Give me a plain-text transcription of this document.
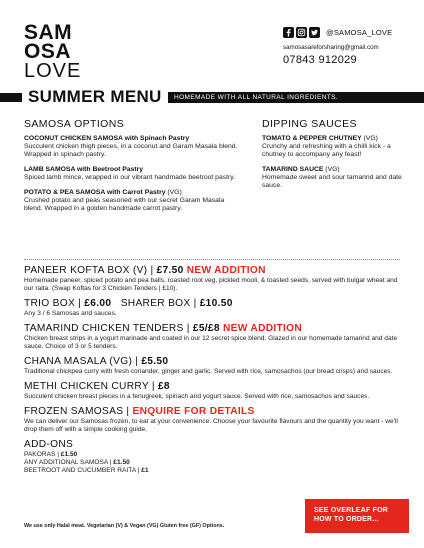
SAM
OSA
LOVE
@SAMOSA_LOVE
samosasareforsharing@gmail.com
07843 912029
SUMMER MENU HOMEMADE WITH ALL NATURAL INGREDIENTS.
SAMOSA OPTIONS
COCONUT CHICKEN SAMOSA with Spinach Pastry
Succulent chicken thigh pieces, in a coconut and Garam Masala blend. Wrapped in spinach pastry.
LAMB SAMOSA with Beetroot Pastry
Spiced lamb mince, wrapped in our vibrant handmade beetroot pastry.
POTATO & PEA SAMOSA with Carrot Pastry (VG)
Crushed potato and peas seasoned with our secret Garam Masala blend. Wrapped in a golden handmade carrot pastry.
DIPPING SAUCES
TOMATO & PEPPER CHUTNEY (VG)
Crunchy and refreshing with a chilli kick - a chutney to accompany any feast!
TAMARIND SAUCE (VG)
Homemade sweet and sour tamarind and date sauce.
PANEER KOFTA BOX (V) | £7.50 NEW ADDITION
Homemade paneer, spiced potato and pea balls, roasted root veg, pickled mooli, & toasted seeds, served with bulgar wheat and our raita. (Swap Koftas for 3 Chicken Tenders | £10).
TRIO BOX | £6.00   SHARER BOX | £10.50
Any 3 / 6 Samosas and sauces.
TAMARIND CHICKEN TENDERS | £5/£8 NEW ADDITION
Chicken breast strips in a yogurt marinade and coated in our 12 secret spice blend. Glazed in our homemade tamarind and date sauce. Choice of 3 or 5 tenders.
CHANA MASALA (VG) | £5.50
Traditional chickpea curry with fresh coriander, ginger and garlic. Served with rice, samosachos (our bread crisps) and sauces.
METHI CHICKEN CURRY | £8
Succulent chicken breast pieces in a fenugreek, spinach and yogurt sauce. Served with rice, samosachos and sauces.
FROZEN SAMOSAS | ENQUIRE FOR DETAILS
We can deliver our Samosas frozen, to eat at your convenience. Choose your favourite flavours and the quantity you want - we'll drop them off with a simple cooking guide.
ADD-ONS
PAKORAS | £1.50
ANY ADDITIONAL SAMOSA | £1.50
BEETROOT AND CUCUMBER RAITA | £1
We use only Halal meat. Vegetarian (V) & Vegan (VG) Gluten free (GF) Options.
SEE OVERLEAF FOR
HOW TO ORDER...
